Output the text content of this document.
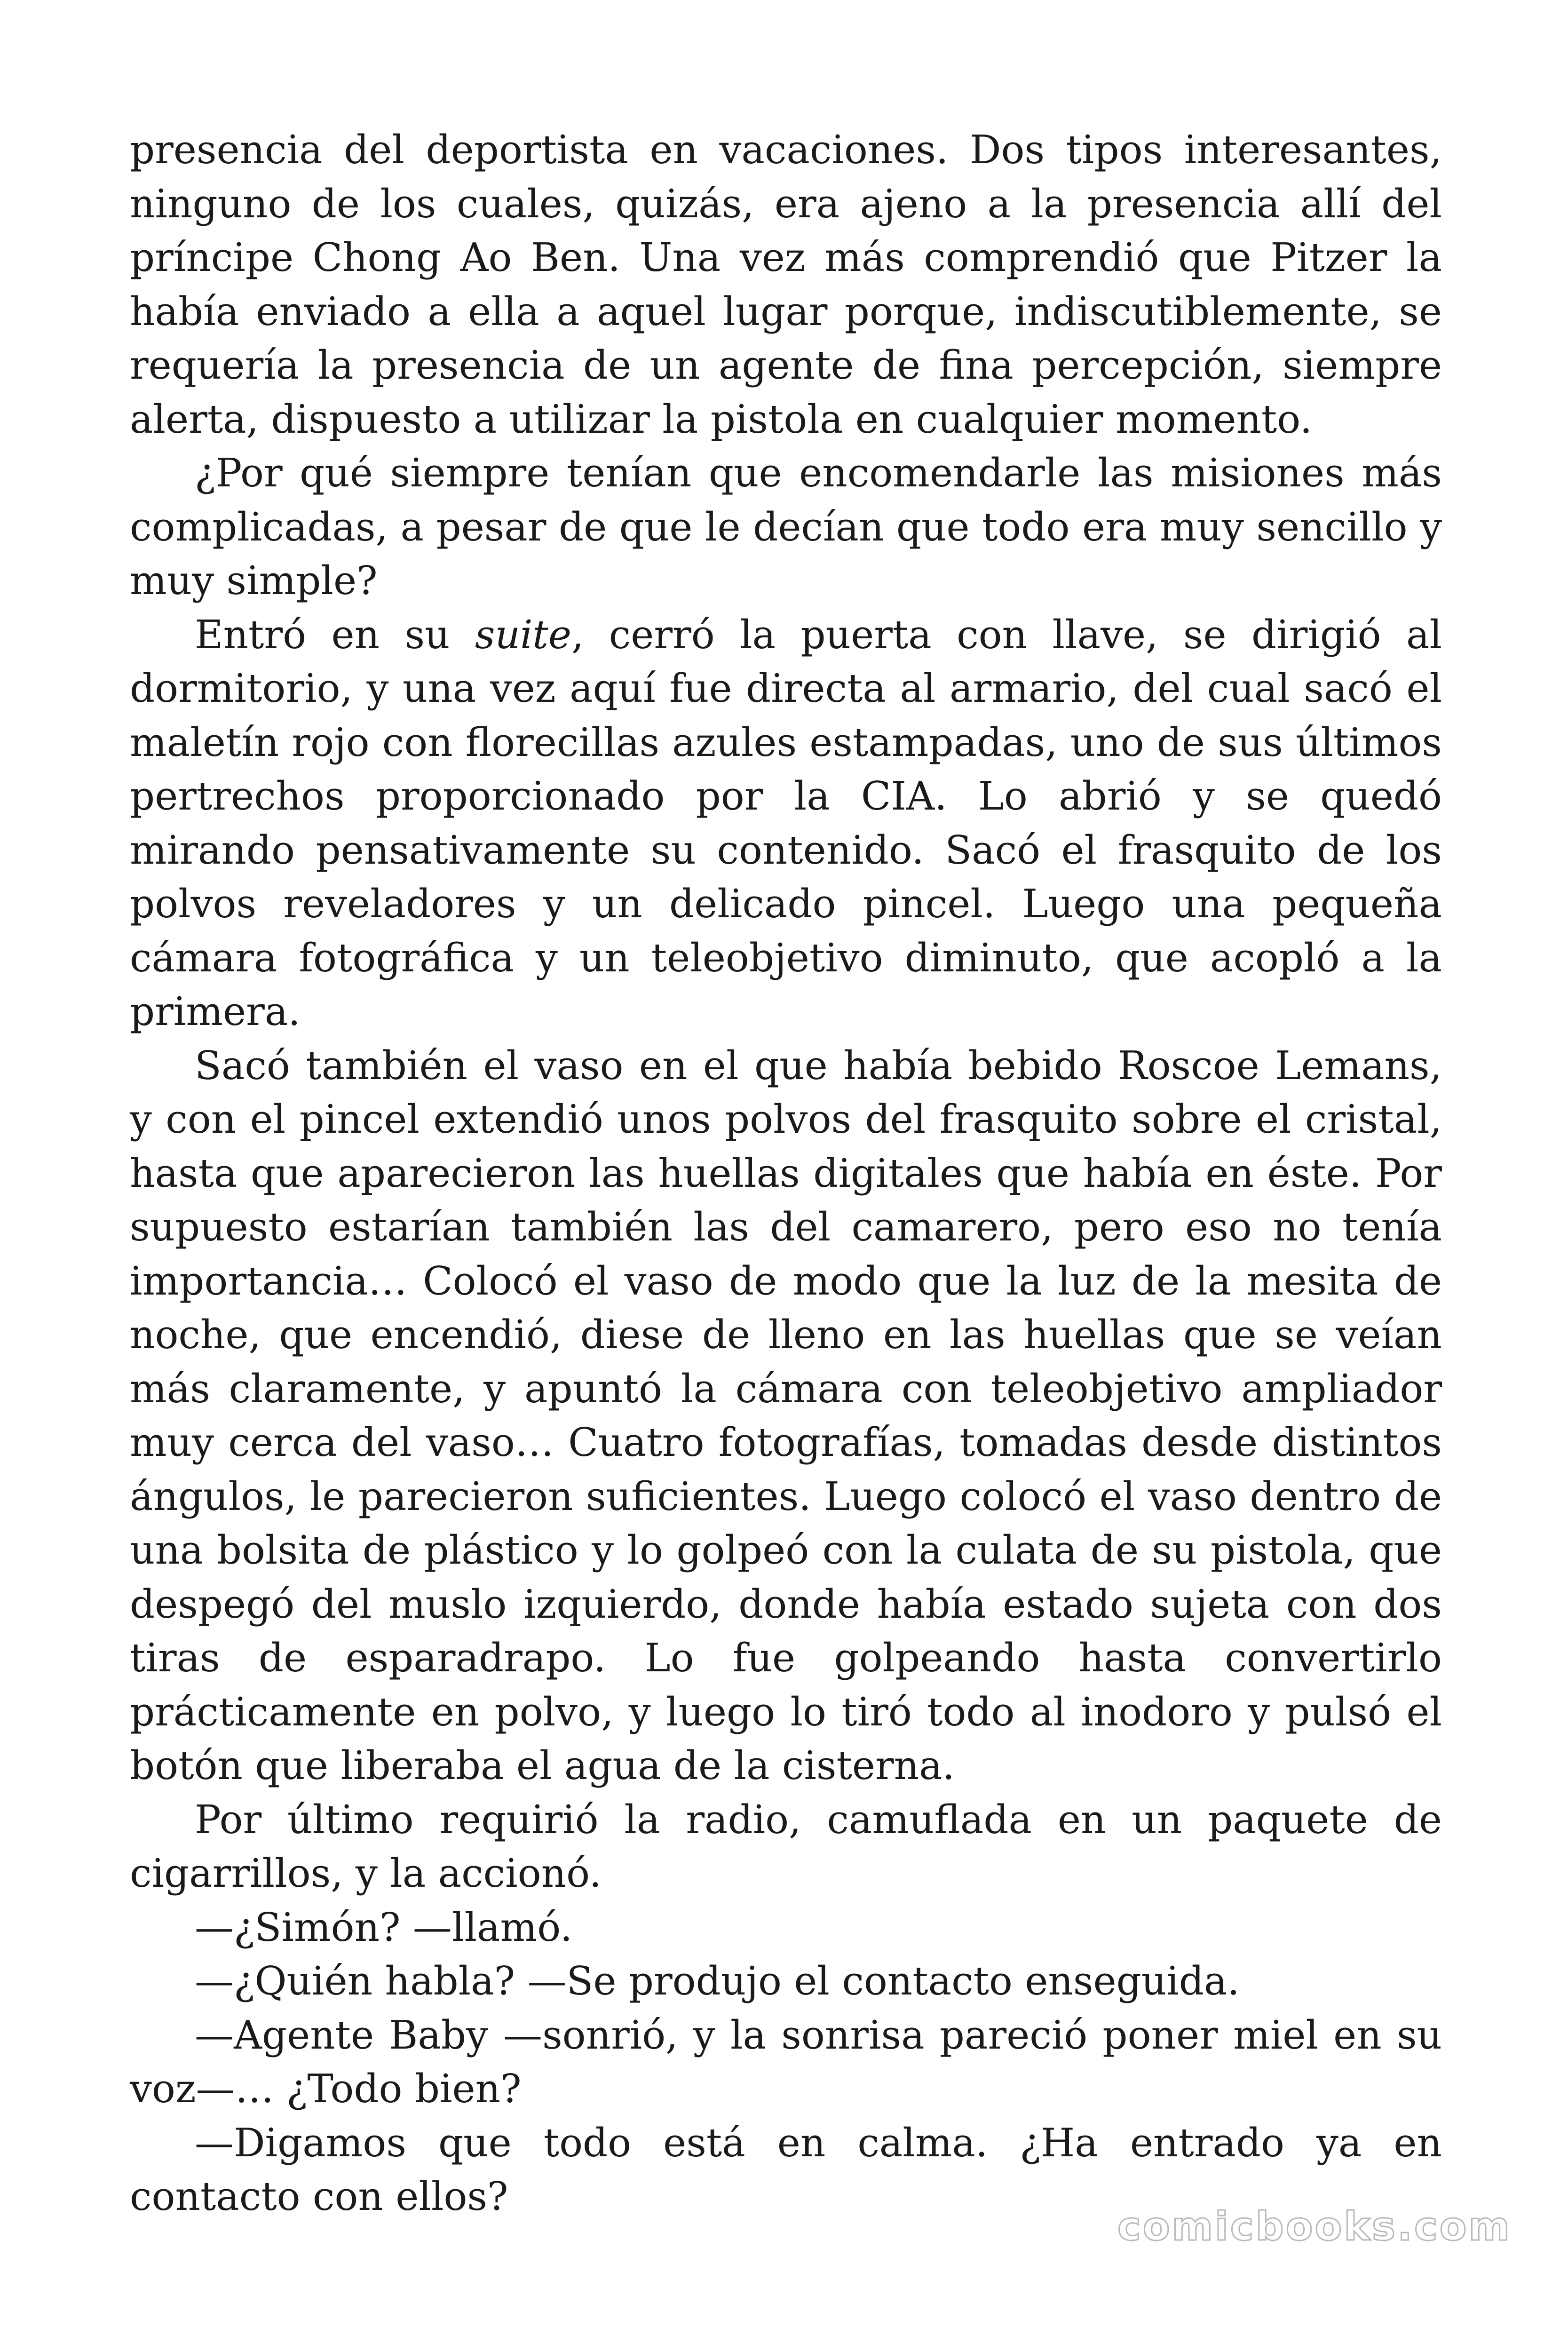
presencia del deportista en vacaciones. Dos tipos interesantes, ninguno de los cuales, quizás, era ajeno a la presencia allí del príncipe Chong Ao Ben. Una vez más comprendió que Pitzer la había enviado a ella a aquel lugar porque, indiscutiblemente, se requería la presencia de un agente de fina percepción, siempre alerta, dispuesto a utilizar la pistola en cualquier momento.

¿Por qué siempre tenían que encomendarle las misiones más complicadas, a pesar de que le decían que todo era muy sencillo y muy simple?

Entró en su suite, cerró la puerta con llave, se dirigió al dormitorio, y una vez aquí fue directa al armario, del cual sacó el maletín rojo con florecillas azules estampadas, uno de sus últimos pertrechos proporcionado por la CIA. Lo abrió y se quedó mirando pensativamente su contenido. Sacó el frasquito de los polvos reveladores y un delicado pincel. Luego una pequeña cámara fotográfica y un teleobjetivo diminuto, que acopló a la primera.

Sacó también el vaso en el que había bebido Roscoe Lemans, y con el pincel extendió unos polvos del frasquito sobre el cristal, hasta que aparecieron las huellas digitales que había en éste. Por supuesto estarían también las del camarero, pero eso no tenía importancia… Colocó el vaso de modo que la luz de la mesita de noche, que encendió, diese de lleno en las huellas que se veían más claramente, y apuntó la cámara con teleobjetivo ampliador muy cerca del vaso… Cuatro fotografías, tomadas desde distintos ángulos, le parecieron suficientes. Luego colocó el vaso dentro de una bolsita de plástico y lo golpeó con la culata de su pistola, que despegó del muslo izquierdo, donde había estado sujeta con dos tiras de esparadrapo. Lo fue golpeando hasta convertirlo prácticamente en polvo, y luego lo tiró todo al inodoro y pulsó el botón que liberaba el agua de la cisterna.

Por último requirió la radio, camuflada en un paquete de cigarrillos, y la accionó.

—¿Simón? —llamó.

—¿Quién habla? —Se produjo el contacto enseguida.

—Agente Baby —sonrió, y la sonrisa pareció poner miel en su voz—… ¿Todo bien?

—Digamos que todo está en calma. ¿Ha entrado ya en contacto con ellos?

comicbooks.com
